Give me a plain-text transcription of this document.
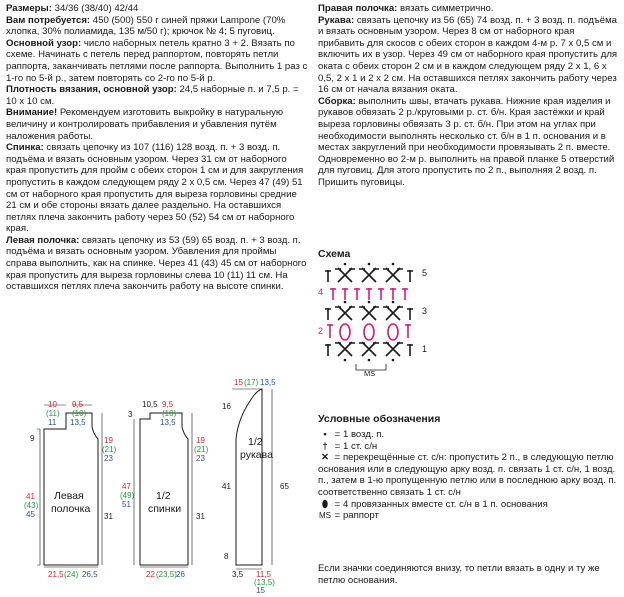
Размеры: 34/36 (38/40) 42/44

Вам потребуется: 450 (500) 550 г синей пряжи Lampone (70% хлопка, 30% полиамида, 135 м/50 г); крючок № 4; 5 пуговиц.

Основной узор: число наборных петель кратно 3 + 2. Вязать по схеме. Начинать с петель перед раппортом, повторять петли раппорта, заканчивать петлями после раппорта. Выполнить 1 раз с 1-го по 5-й р., затем повторять со 2-го по 5-й р.

Плотность вязания, основной узор: 24,5 наборные п. и 7,5 р. = 10 х 10 см.

Внимание! Рекомендуем изготовить выкройку в натуральную величину и контролировать прибавления и убавления путём наложения работы.

Спинка: связать цепочку из 107 (116) 128 возд. п. + 3 возд. п. подъёма и вязать основным узором. Через 31 см от наборного края пропустить для пройм с обеих сторон 1 см и для закругления пропустить в каждом следующем ряду 2 х 0,5 см. Через 47 (49) 51 см от наборного края пропустить для выреза горловины средние 21 см и обе стороны вязать далее раздельно. На оставшихся петлях плеча закончить работу через 50 (52) 54 см от наборного края.

Левая полочка: связать цепочку из 53 (59) 65 возд. п. + 3 возд. п. подъёма и вязать основным узором. Убавления для проймы справа выполнить, как на спинке. Через 41 (43) 45 см от наборного края пропустить для выреза горловины слева 10 (11) 11 см. На оставшихся петлях плеча закончить работу на высоте спинки.

Правая полочка: вязать симметрично.

Рукава: связать цепочку из 56 (65) 74 возд. п. + 3 возд. п. подъёма и вязать основным узором. Через 8 см от наборного края прибавить для скосов с обеих сторон в каждом 4-м р. 7 х 0,5 см и включить их в узор. Через 49 см от наборного края пропустить для оката с обеих сторон 2 см и в каждом следующем ряду 2 х 1, 6 х 0,5, 2 х 1 и 2 х 2 см. На оставшихся петлях закончить работу через 16 см от начала вязания оката.

Сборка: выполнить швы, втачать рукава. Нижние края изделия и рукавов обвязать 2 р./круговыми р. ст. б/н. Края застёжки и край выреза горловины обвязать 3 р. ст. б/н. При этом на углах при необходимости выполнять несколько ст. б/н в 1 п. основания и в местах закруглений при необходимости провязывать 2 п. вместе. Одновременно во 2-м р. выполнить на правой планке 5 отверстий для пуговиц. Для этого пропустить по 2 п., выполняя 2 возд. п. Пришить пуговицы.

Схема
MS
5
3
1
4
2
Условные обозначения
• = 1 возд. п.
† = 1 ст. с/н
✕ = перекрещённые ст. с/н: пропустить 2 п., в следующую петлю основания или в следующую арку возд. п. связать 1 ст. с/н, 1 возд. п., затем в 1-ю пропущенную петлю или в последнюю арку возд. п. соответственно связать 1 ст. с/н
⬮ = 4 провязанных вместе ст. с/н в 1 п. основания
MS = раппорт
Если значки соединяются внизу, то петли вязать в одну и ту же петлю основания.
Левая
полочка
10
(11)
11
9,5
(10)
13,5
9	19
(21)
23
41
(43)
45	31
21,5 (24) 26,5
1/2
спинки
3
10,5 9,5
(10)
13,5
19
(21)
23
47
(49)
51
31
22 (23,5) 26
1/2
рукава
15 (17) 13,5
16
41	65
3,5 11,5
(13,5)
15
8
